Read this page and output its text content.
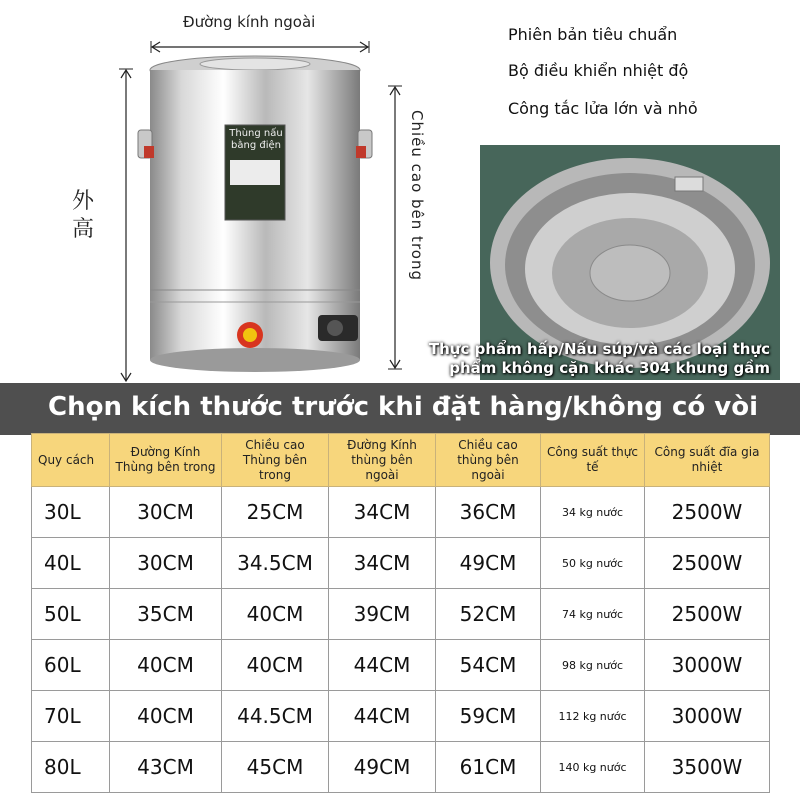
Đường kính ngoài
外高	Chiều cao bên trong
Thùng nấu bằng điện
Phiên bản tiêu chuẩn
Bộ điều khiển nhiệt độ
Công tắc lửa lớn và nhỏ
Thực phẩm hấp/Nấu súp/và các loại thực
phẩm không cặn khác 304 khung gầm
Chọn kích thước trước khi đặt hàng/không có vòi
Quy cách	Đường Kính Thùng bên trong	Chiều cao Thùng bên trong	Đường Kính thùng bên ngoài	Chiều cao thùng bên ngoài	Công suất thực tế	Công suất đĩa gia nhiệt
30L	30CM	25CM	34CM	36CM	34 kg nước	2500W
40L	30CM	34.5CM	34CM	49CM	50 kg nước	2500W
50L	35CM	40CM	39CM	52CM	74 kg nước	2500W
60L	40CM	40CM	44CM	54CM	98 kg nước	3000W
70L	40CM	44.5CM	44CM	59CM	112 kg nước	3000W
80L	43CM	45CM	49CM	61CM	140 kg nước	3500W
